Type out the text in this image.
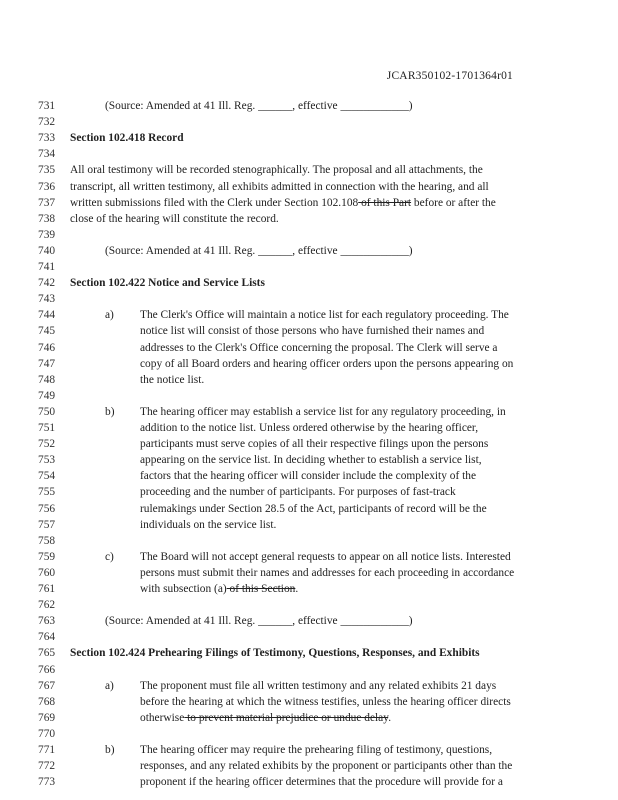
JCAR350102-1701364r01
731	(Source: Amended at 41 Ill. Reg. ______, effective ____________)
732
733	Section 102.418 Record
734
735	All oral testimony will be recorded stenographically. The proposal and all attachments, the
736	transcript, all written testimony, all exhibits admitted in connection with the hearing, and all
737	written submissions filed with the Clerk under Section 102.108 of this Part before or after the
738	close of the hearing will constitute the record.
739
740	(Source: Amended at 41 Ill. Reg. ______, effective ____________)
741
742	Section 102.422 Notice and Service Lists
743
744	a) The Clerk's Office will maintain a notice list for each regulatory proceeding. The
745	notice list will consist of those persons who have furnished their names and
746	addresses to the Clerk's Office concerning the proposal. The Clerk will serve a
747	copy of all Board orders and hearing officer orders upon the persons appearing on
748	the notice list.
749
750	b) The hearing officer may establish a service list for any regulatory proceeding, in
751	addition to the notice list. Unless ordered otherwise by the hearing officer,
752	participants must serve copies of all their respective filings upon the persons
753	appearing on the service list. In deciding whether to establish a service list,
754	factors that the hearing officer will consider include the complexity of the
755	proceeding and the number of participants. For purposes of fast-track
756	rulemakings under Section 28.5 of the Act, participants of record will be the
757	individuals on the service list.
758
759	c) The Board will not accept general requests to appear on all notice lists. Interested
760	persons must submit their names and addresses for each proceeding in accordance
761	with subsection (a) of this Section.
762
763	(Source: Amended at 41 Ill. Reg. ______, effective ____________)
764
765	Section 102.424 Prehearing Filings of Testimony, Questions, Responses, and Exhibits
766
767	a) The proponent must file all written testimony and any related exhibits 21 days
768	before the hearing at which the witness testifies, unless the hearing officer directs
769	otherwise to prevent material prejudice or undue delay.
770
771	b) The hearing officer may require the prehearing filing of testimony, questions,
772	responses, and any related exhibits by the proponent or participants other than the
773	proponent if the hearing officer determines that the procedure will provide for a
